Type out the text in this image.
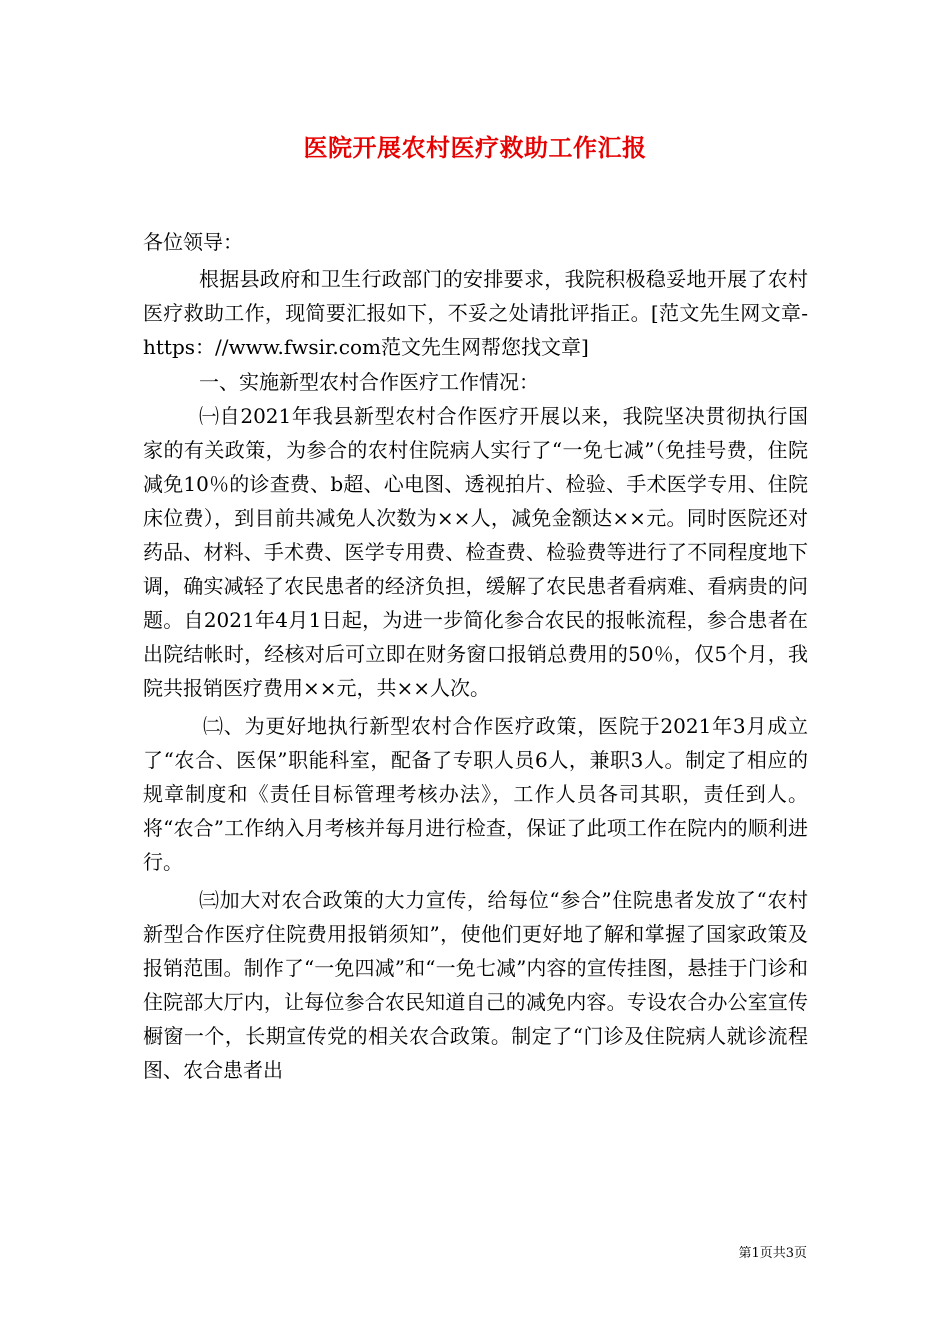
医院开展农村医疗救助工作汇报

各位领导：

根据县政府和卫生行政部门的安排要求，我院积极稳妥地开展了农村医疗救助工作，现简要汇报如下，不妥之处请批评指正。[范文先生网文章-https：//www.fwsir.com范文先生网帮您找文章]

一、实施新型农村合作医疗工作情况：

㈠自2021年我县新型农村合作医疗开展以来，我院坚决贯彻执行国家的有关政策，为参合的农村住院病人实行了“一免七减”（免挂号费，住院减免10％的诊查费、b超、心电图、透视拍片、检验、手术医学专用、住院床位费），到目前共减免人次数为××人，减免金额达××元。同时医院还对药品、材料、手术费、医学专用费、检查费、检验费等进行了不同程度地下调，确实减轻了农民患者的经济负担，缓解了农民患者看病难、看病贵的问题。自2021年4月1日起，为进一步简化参合农民的报帐流程，参合患者在出院结帐时，经核对后可立即在财务窗口报销总费用的50％，仅5个月，我院共报销医疗费用××元，共××人次。

㈡、为更好地执行新型农村合作医疗政策，医院于2021年3月成立了“农合、医保”职能科室，配备了专职人员6人，兼职3人。制定了相应的规章制度和《责任目标管理考核办法》，工作人员各司其职，责任到人。将“农合”工作纳入月考核并每月进行检查，保证了此项工作在院内的顺利进行。

㈢加大对农合政策的大力宣传，给每位“参合”住院患者发放了“农村新型合作医疗住院费用报销须知”，使他们更好地了解和掌握了国家政策及报销范围。制作了“一免四减”和“一免七减”内容的宣传挂图，悬挂于门诊和住院部大厅内，让每位参合农民知道自己的减免内容。专设农合办公室宣传橱窗一个，长期宣传党的相关农合政策。制定了“门诊及住院病人就诊流程图、农合患者出

第1页共3页
